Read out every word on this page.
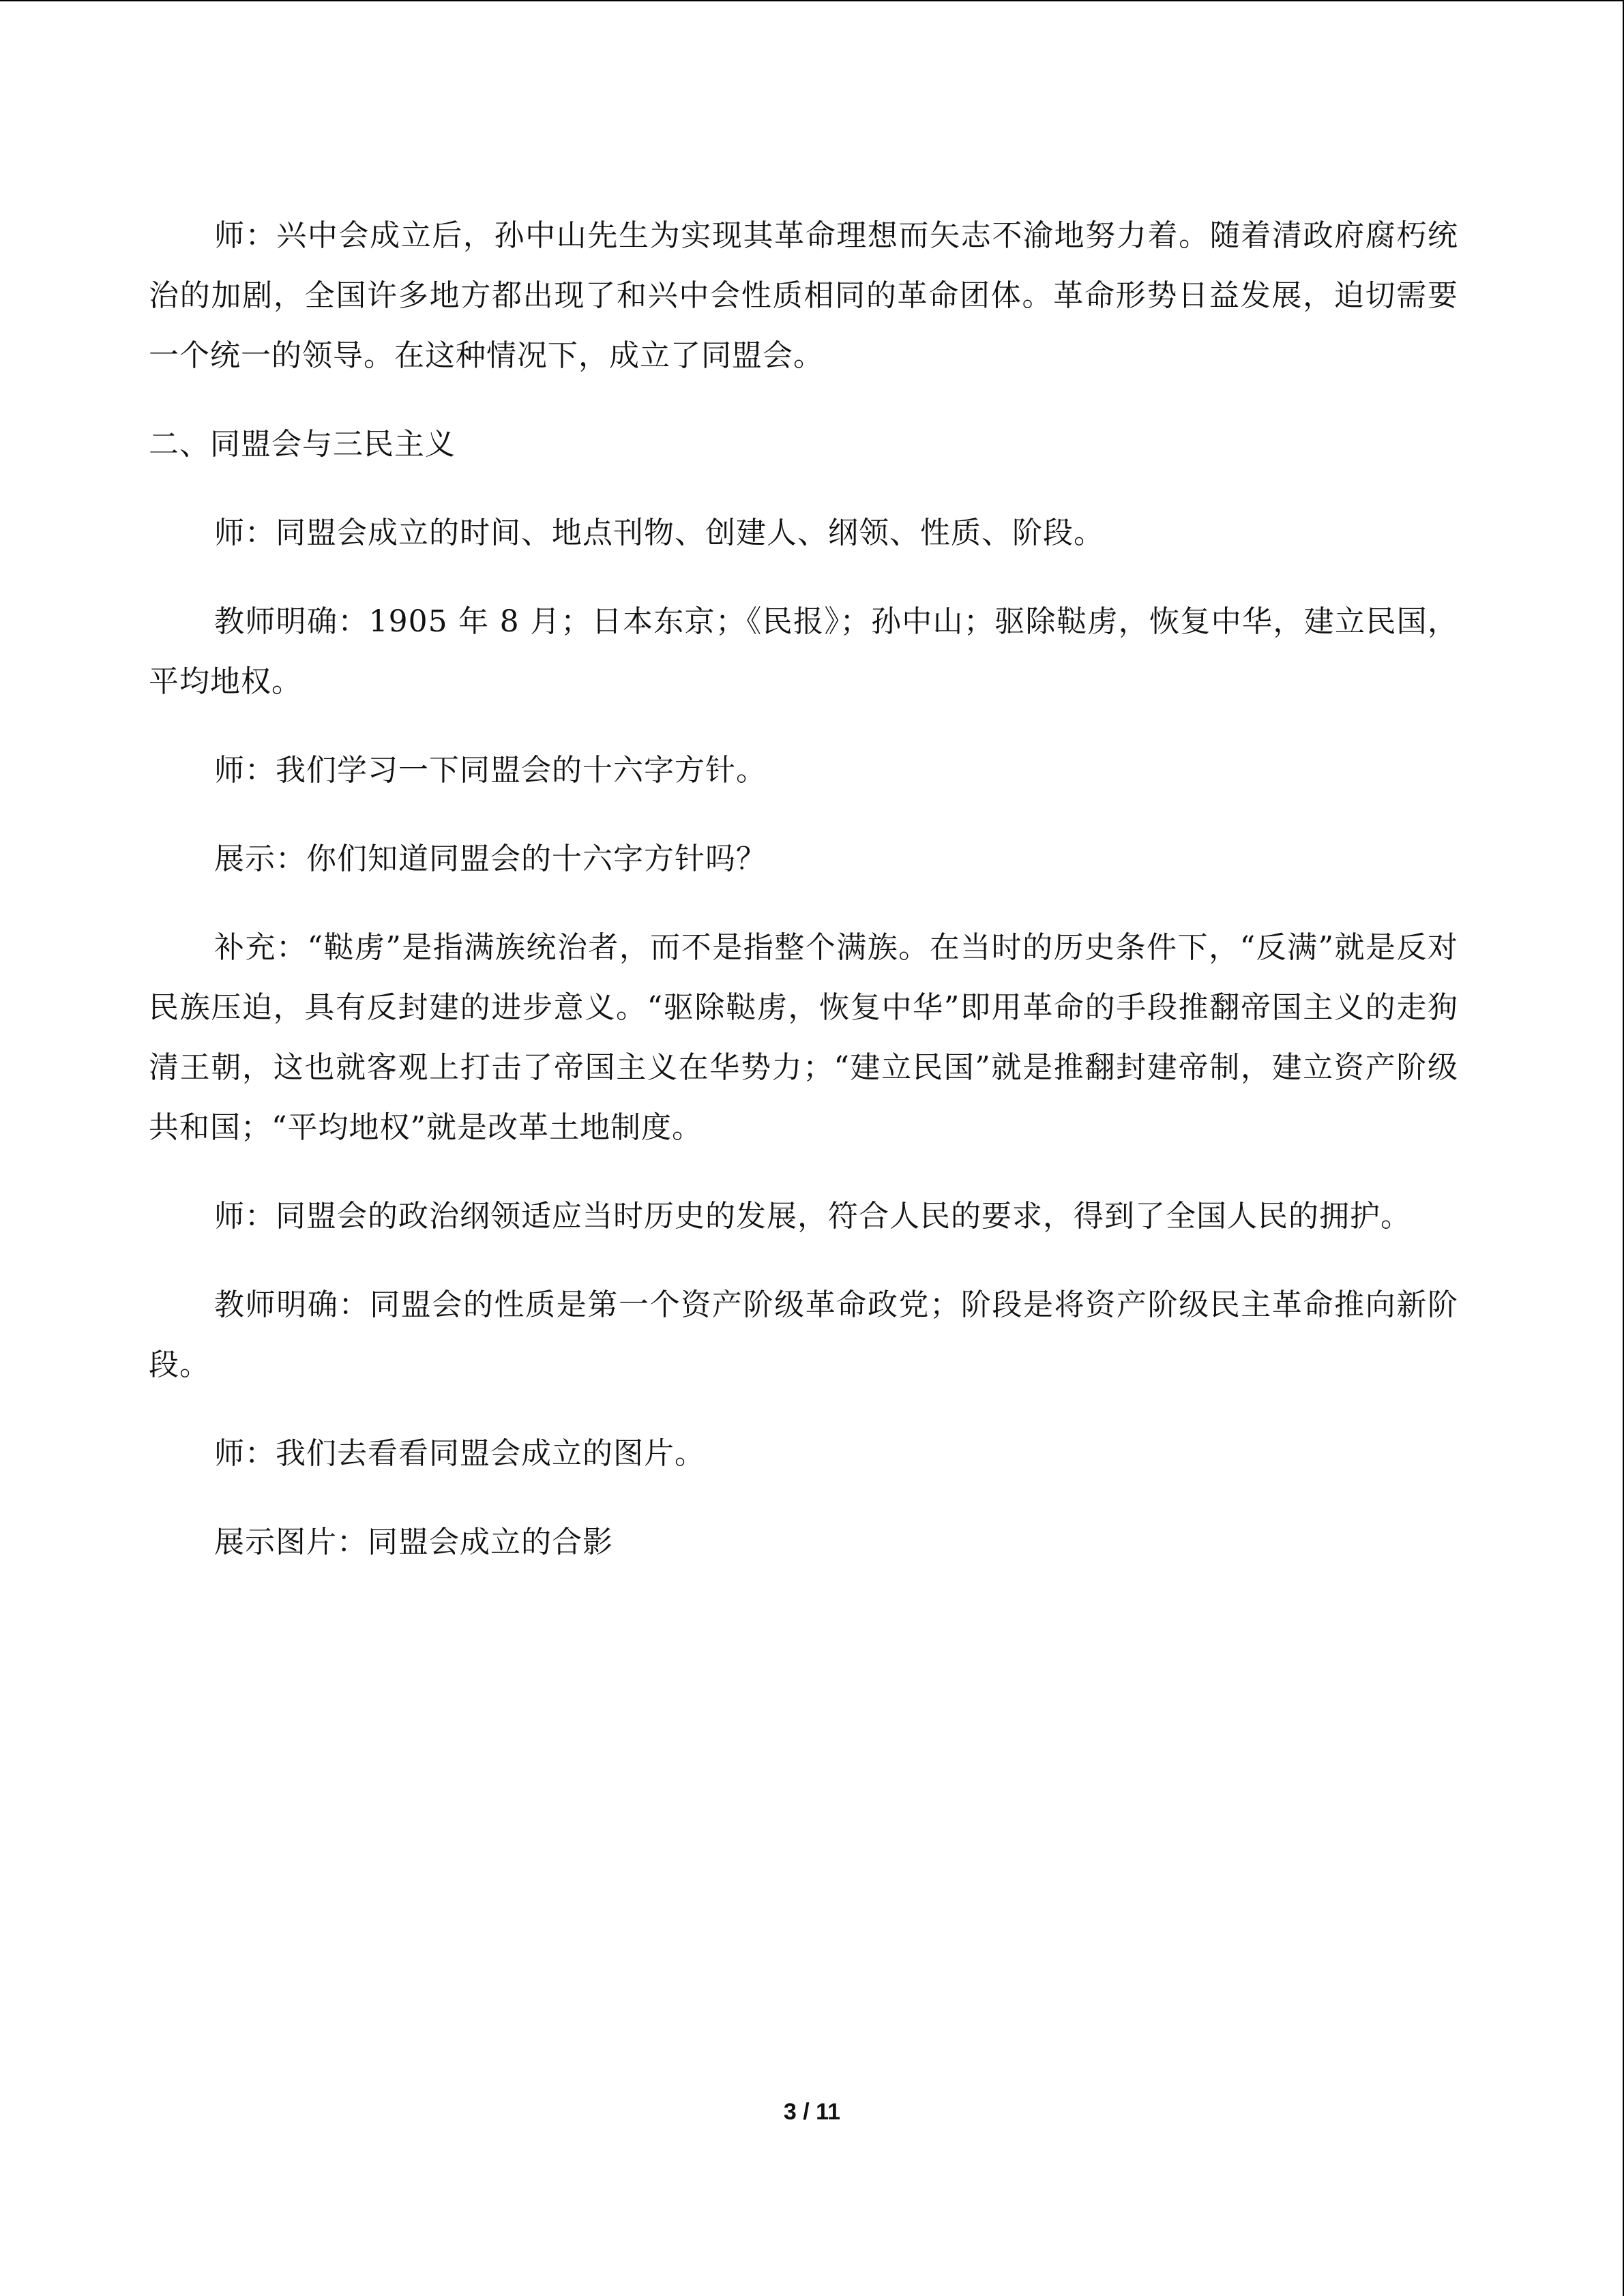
师：兴中会成立后，孙中山先生为实现其革命理想而矢志不渝地努力着。随着清政府腐朽统治的加剧，全国许多地方都出现了和兴中会性质相同的革命团体。革命形势日益发展，迫切需要一个统一的领导。在这种情况下，成立了同盟会。

二、同盟会与三民主义

师：同盟会成立的时间、地点刊物、创建人、纲领、性质、阶段。

教师明确：1905 年 8 月；日本东京；《民报》；孙中山；驱除鞑虏，恢复中华，建立民国，平均地权。

师：我们学习一下同盟会的十六字方针。

展示：你们知道同盟会的十六字方针吗？

补充：“鞑虏”是指满族统治者，而不是指整个满族。在当时的历史条件下，“反满”就是反对民族压迫，具有反封建的进步意义。“驱除鞑虏，恢复中华”即用革命的手段推翻帝国主义的走狗清王朝，这也就客观上打击了帝国主义在华势力；“建立民国”就是推翻封建帝制，建立资产阶级共和国；“平均地权”就是改革土地制度。

师：同盟会的政治纲领适应当时历史的发展，符合人民的要求，得到了全国人民的拥护。

教师明确：同盟会的性质是第一个资产阶级革命政党；阶段是将资产阶级民主革命推向新阶段。

师：我们去看看同盟会成立的图片。

展示图片：同盟会成立的合影

3 / 11
